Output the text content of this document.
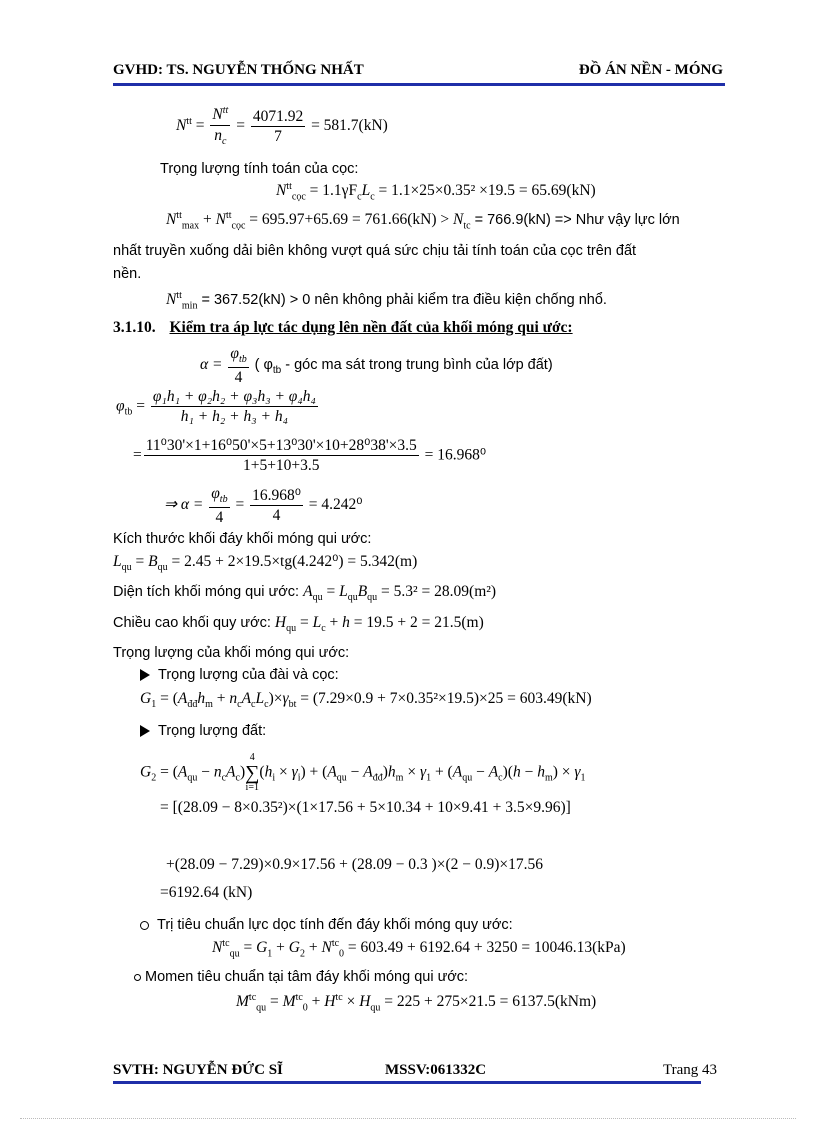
GVHD: TS. NGUYỄN THỐNG NHẤT	ĐỒ ÁN NỀN - MÓNG
$N^{tt} = \frac{N^{tt}}{n_c} = \frac{4071.92}{7} = 581.7(kN)$
Trọng lượng tính toán của cọc:
$N^{tt}_{cọc} = 1.1\gamma F_cL_c = 1.1\times 25\times 0.35^2 \times 19.5 = 65.69(kN)$
$N^{tt}_{max} + N^{tt}_{cọc} = 695.97+65.69 = 761.66(kN) > N_{tc} = 766.9(kN)$ => Như vậy lực lớn
nhất truyền xuống dải biên không vượt quá sức chịu tải tính toán của cọc trên đất
nền.
$N^{tt}_{min} = 367.52(kN) > 0$ nên không phải kiểm tra điều kiện chống nhổ.
3.1.10. Kiểm tra áp lực tác dụng lên nền đất của khối móng qui ước:
$\alpha = \frac{\varphi_{tb}}{4}$ ( $\varphi_{tb}$ - góc ma sát trong trung bình của lớp đất)
$\varphi_{tb} = \frac{\text{φ₁h₁ + φ₂h₂ + φ₃h₃ + φ₄h₄}}{\text{h₁ + h₂ + h₃ + h₄}}$
= $\frac{\text{11⁰30'×1+16⁰50'×5+13⁰30'×10+28⁰38'×3.5}}{1+5+10+3.5} = 16.968^0$
⇒ $\alpha = \frac{\varphi_{tb}}{4} = \frac{\text{16.968⁰}}{4} = 4.242^0$
Kích thước khối đáy khối móng qui ước:
$L_{qu} = B_{qu} = 2.45 + 2\times 19.5\times tg(4.242^0) = 5.342(m)$
Diện tích khối móng qui ước: $A_{qu} = L_{qu}B_{qu} = 5.3^2 = 28.09(m^2)$
Chiều cao khối quy ước: $H_{qu} = L_c + h = 19.5 + 2 = 21.5(m)$
Trọng lượng của khối móng qui ước:
Trọng lượng của đài và cọc:
$G_1 = (A_{đđ}h_m + n_cA_cL_c)\times\gamma_{bt} = (7.29\times 0.9 + 7\times 0.35^2\times 19.5)\times 25 = 603.49(kN)$
Trọng lượng đất:
$G_2 = (A_{qu} - n_cA_c)4$
∑
$i=1(h_i \times \gamma_i) + (A_{qu} - A_{đđ})h_m \times \gamma_1 + (A_{qu} - A_c)(h - h_m) \times \gamma_1$
= [(28.09 − 8×0.35²)×(1×17.56 + 5×10.34 + 10×9.41 + 3.5×9.96)]
+(28.09 − 7.29)×0.9×17.56 + (28.09 − 0.3 )×(2 − 0.9)×17.56
=6192.64 (kN)
Trị tiêu chuẩn lực dọc tính đến đáy khối móng quy ước:
$N^{tc}_{qu} = G_1 + G_2 + N^{tc}_0 = 603.49 + 6192.64 + 3250 = 10046.13(kPa)$
Momen tiêu chuẩn tại tâm đáy khối móng qui ước:
$M^{tc}_{qu} = M^{tc}_0 + H^{tc} \times H_{qu} = 225 + 275\times 21.5 = 6137.5(kNm)$
SVTH: NGUYỄN ĐỨC SĨ	MSSV:061332C	Trang 43
